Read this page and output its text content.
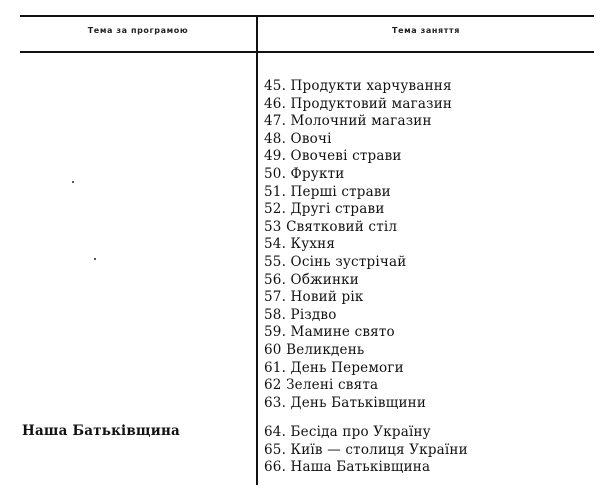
Тема за програмою	Тема заняття
45. Продукти харчування
46. Продуктовий магазин
47. Молочний магазин
48. Овочі
49. Овочеві страви
50. Фрукти
51. Перші страви
52. Другі страви
53 Святковий стіл
54. Кухня
55. Осінь зустрічай
56. Обжинки
57. Новий рік
58. Різдво
59. Мамине свято
60 Великдень
61. День Перемоги
62 Зелені свята
63. День Батьківщини
64. Бесіда про Україну
65. Київ — столиця України
66. Наша Батьківщина
Наша Батьківщина
